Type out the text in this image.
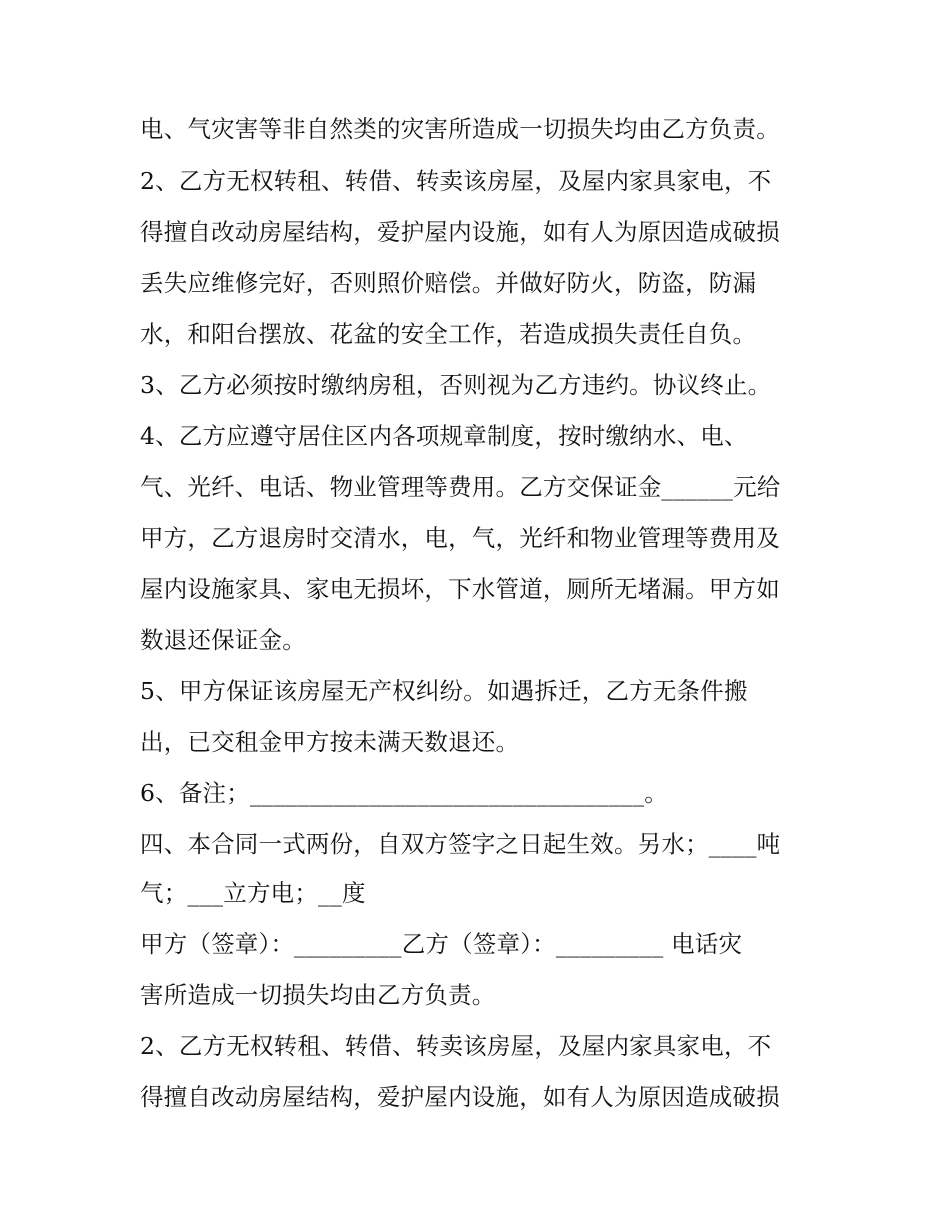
电、气灾害等非自然类的灾害所造成一切损失均由乙方负责。
2、乙方无权转租、转借、转卖该房屋，及屋内家具家电，不
得擅自改动房屋结构，爱护屋内设施，如有人为原因造成破损
丢失应维修完好，否则照价赔偿。并做好防火，防盗，防漏
水，和阳台摆放、花盆的安全工作，若造成损失责任自负。
3、乙方必须按时缴纳房租，否则视为乙方违约。协议终止。
4、乙方应遵守居住区内各项规章制度，按时缴纳水、电、
气、光纤、电话、物业管理等费用。乙方交保证金______元给
甲方，乙方退房时交清水，电，气，光纤和物业管理等费用及
屋内设施家具、家电无损坏，下水管道，厕所无堵漏。甲方如
数退还保证金。
5、甲方保证该房屋无产权纠纷。如遇拆迁，乙方无条件搬
出，已交租金甲方按未满天数退还。
6、备注；_________________________________。
四、本合同一式两份，自双方签字之日起生效。另水；____吨
气；___立方电；__度
甲方（签章）：_________乙方（签章）：_________ 电话灾
害所造成一切损失均由乙方负责。
2、乙方无权转租、转借、转卖该房屋，及屋内家具家电，不
得擅自改动房屋结构，爱护屋内设施，如有人为原因造成破损
